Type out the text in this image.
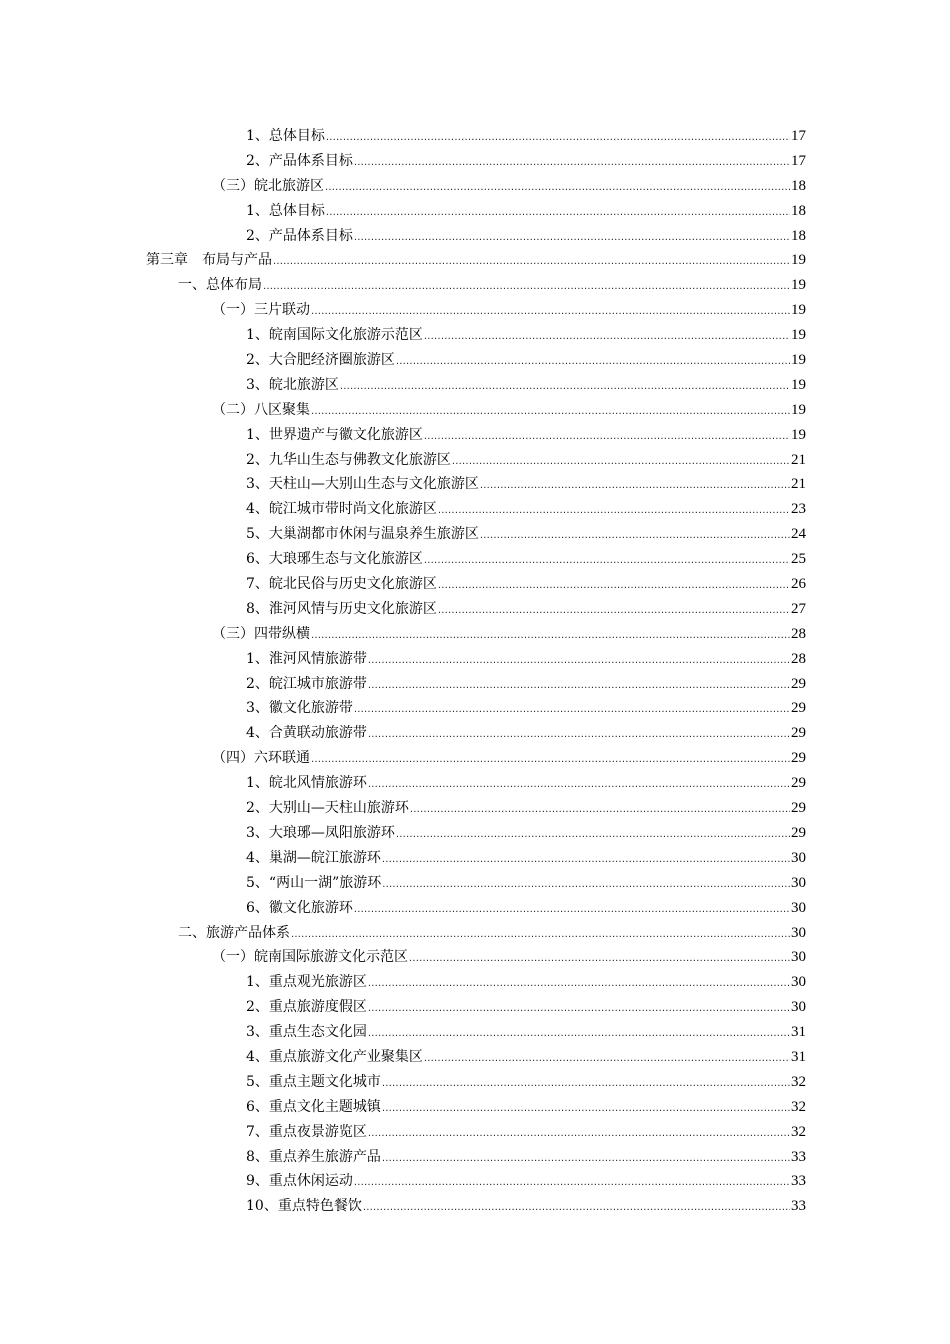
1、总体目标 .....	17
2、产品体系目标 .....	17
（三）皖北旅游区 .....	18
1、总体目标 .....	18
2、产品体系目标 .....	18
第三章　布局与产品 .....	19
一、总体布局 .....	19
（一）三片联动 .....	19
1、皖南国际文化旅游示范区 .....	19
2、大合肥经济圈旅游区 .....	19
3、皖北旅游区 .....	19
（二）八区聚集 .....	19
1、世界遗产与徽文化旅游区 .....	19
2、九华山生态与佛教文化旅游区 .....	21
3、天柱山—大别山生态与文化旅游区 .....	21
4、皖江城市带时尚文化旅游区 .....	23
5、大巢湖都市休闲与温泉养生旅游区 .....	24
6、大琅琊生态与文化旅游区 .....	25
7、皖北民俗与历史文化旅游区 .....	26
8、淮河风情与历史文化旅游区 .....	27
（三）四带纵横 .....	28
1、淮河风情旅游带 .....	28
2、皖江城市旅游带 .....	29
3、徽文化旅游带 .....	29
4、合黄联动旅游带 .....	29
（四）六环联通 .....	29
1、皖北风情旅游环 .....	29
2、大别山—天柱山旅游环 .....	29
3、大琅琊—凤阳旅游环 .....	29
4、巢湖—皖江旅游环 .....	30
5、“两山一湖”旅游环 .....	30
6、徽文化旅游环 .....	30
二、旅游产品体系 .....	30
（一）皖南国际旅游文化示范区 .....	30
1、重点观光旅游区 .....	30
2、重点旅游度假区 .....	30
3、重点生态文化园 .....	31
4、重点旅游文化产业聚集区 .....	31
5、重点主题文化城市 .....	32
6、重点文化主题城镇 .....	32
7、重点夜景游览区 .....	32
8、重点养生旅游产品 .....	33
9、重点休闲运动 .....	33
10、重点特色餐饮 .....	33
